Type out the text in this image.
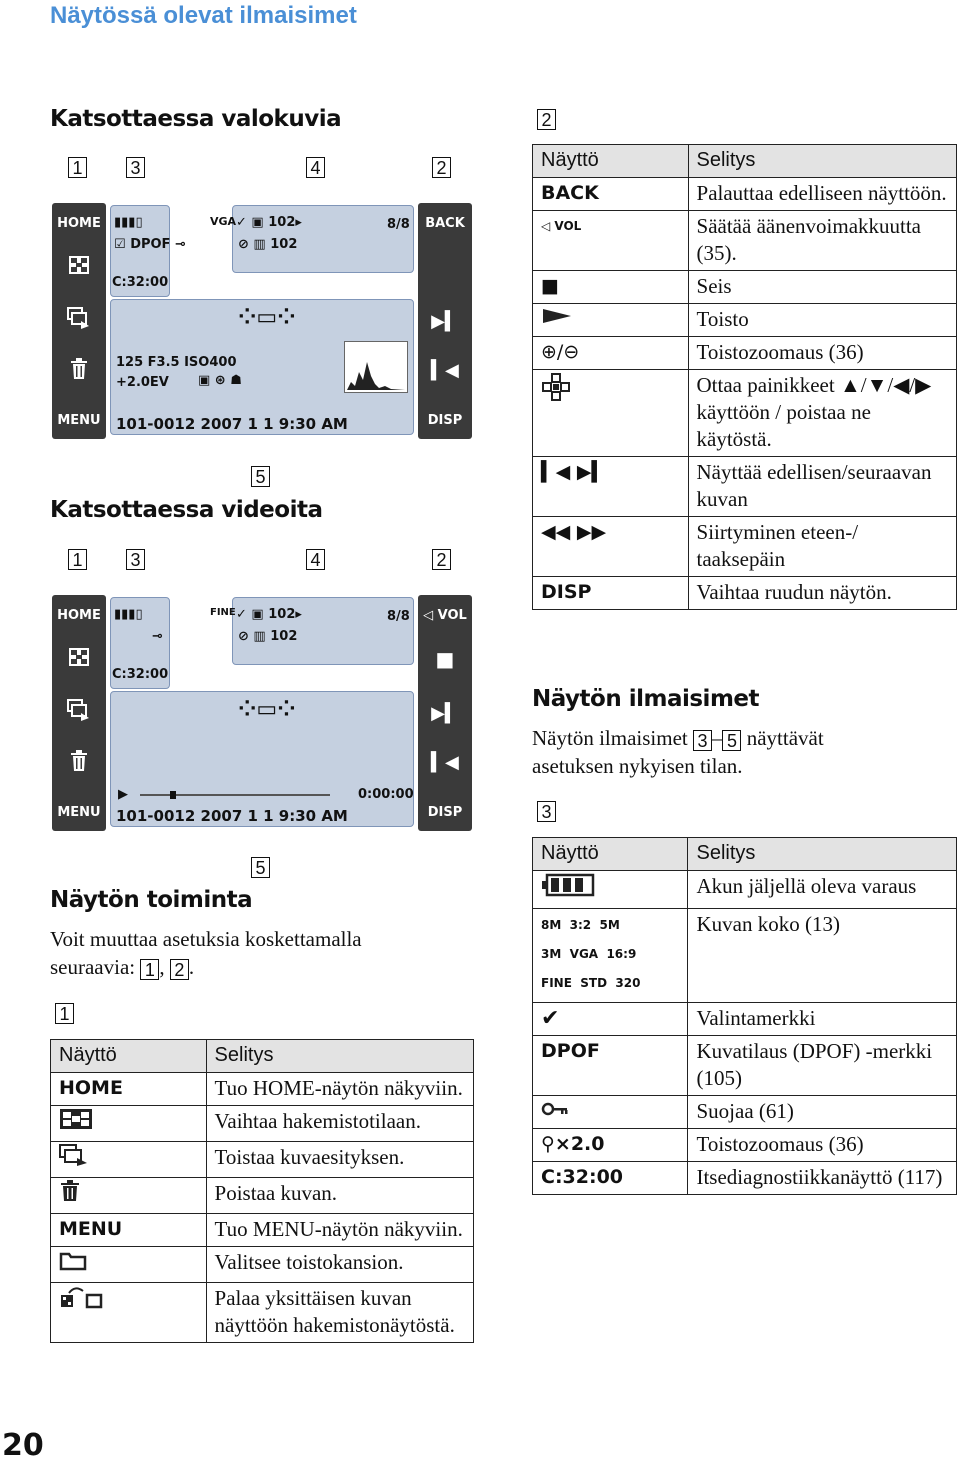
Näytössä olevat ilmaisimet
Katsottaessa valokuvia
1	3	4	2
5
HOME
MENU
BACK
▶▍
▍◀
DISP
▮▮▮▯
☑ DPOF ⊸
C:32:00
VGA ✓ ▣ 102▸
⊘ ▥ 102
8/8
⁘▭⁘
125 F3.5 ISO400
+2.0EV ▣ ⊛ ☗
101-0012 2007 1 1 9:30 AM
Katsottaessa videoita
1	3	4	2
5
HOME
MENU
◁ VOL
■
▶▍
▍◀
DISP
▮▮▮▯
⊸
C:32:00
FINE ✓ ▣ 102▸
⊘ ▥ 102
8/8
⁘▭⁘
▶	0:00:00
101-0012 2007 1 1 9:30 AM
Näytön toiminta
Voit muuttaa asetuksia koskettamalla
seuraavia: 1 , 2 .
1
Näyttö	Selitys
HOME	Tuo HOME-näytön näkyviin.
	Vaihtaa hakemistotilaan.
	Toistaa kuvaesityksen.
	Poistaa kuvan.
MENU	Tuo MENU-näytön näkyviin.
	Valitsee toistokansion.
	Palaa yksittäisen kuvan näyttöön hakemistonäytöstä.
20
2
Näyttö	Selitys
BACK	Palauttaa edelliseen näyttöön.
◁ VOL	Säätää äänenvoimakkuutta (35).
■	Seis
	Toisto
⊕/⊖	Toistozoomaus (36)
	Ottaa painikkeet ▲/▼/◀/▶ käyttöön / poistaa ne käytöstä.
▍◀ ▶▍	Näyttää edellisen/seuraavan kuvan
◀◀ ▶▶	Siirtyminen eteen-/ taaksepäin
DISP	Vaihtaa ruudun näytön.
Näytön ilmaisimet
Näytön ilmaisimet 3 – 5 näyttävät
asetuksen nykyisen tilan.
3
Näyttö	Selitys
	Akun jäljellä oleva varaus
8M 3:2 5M
3M VGA 16:9
FINE STD 320	Kuvan koko (13)
✔	Valintamerkki
DPOF	Kuvatilaus (DPOF) -merkki (105)
	Suojaa (61)
⚲×2.0	Toistozoomaus (36)
C:32:00	Itsediagnostiikkanäyttö (117)
